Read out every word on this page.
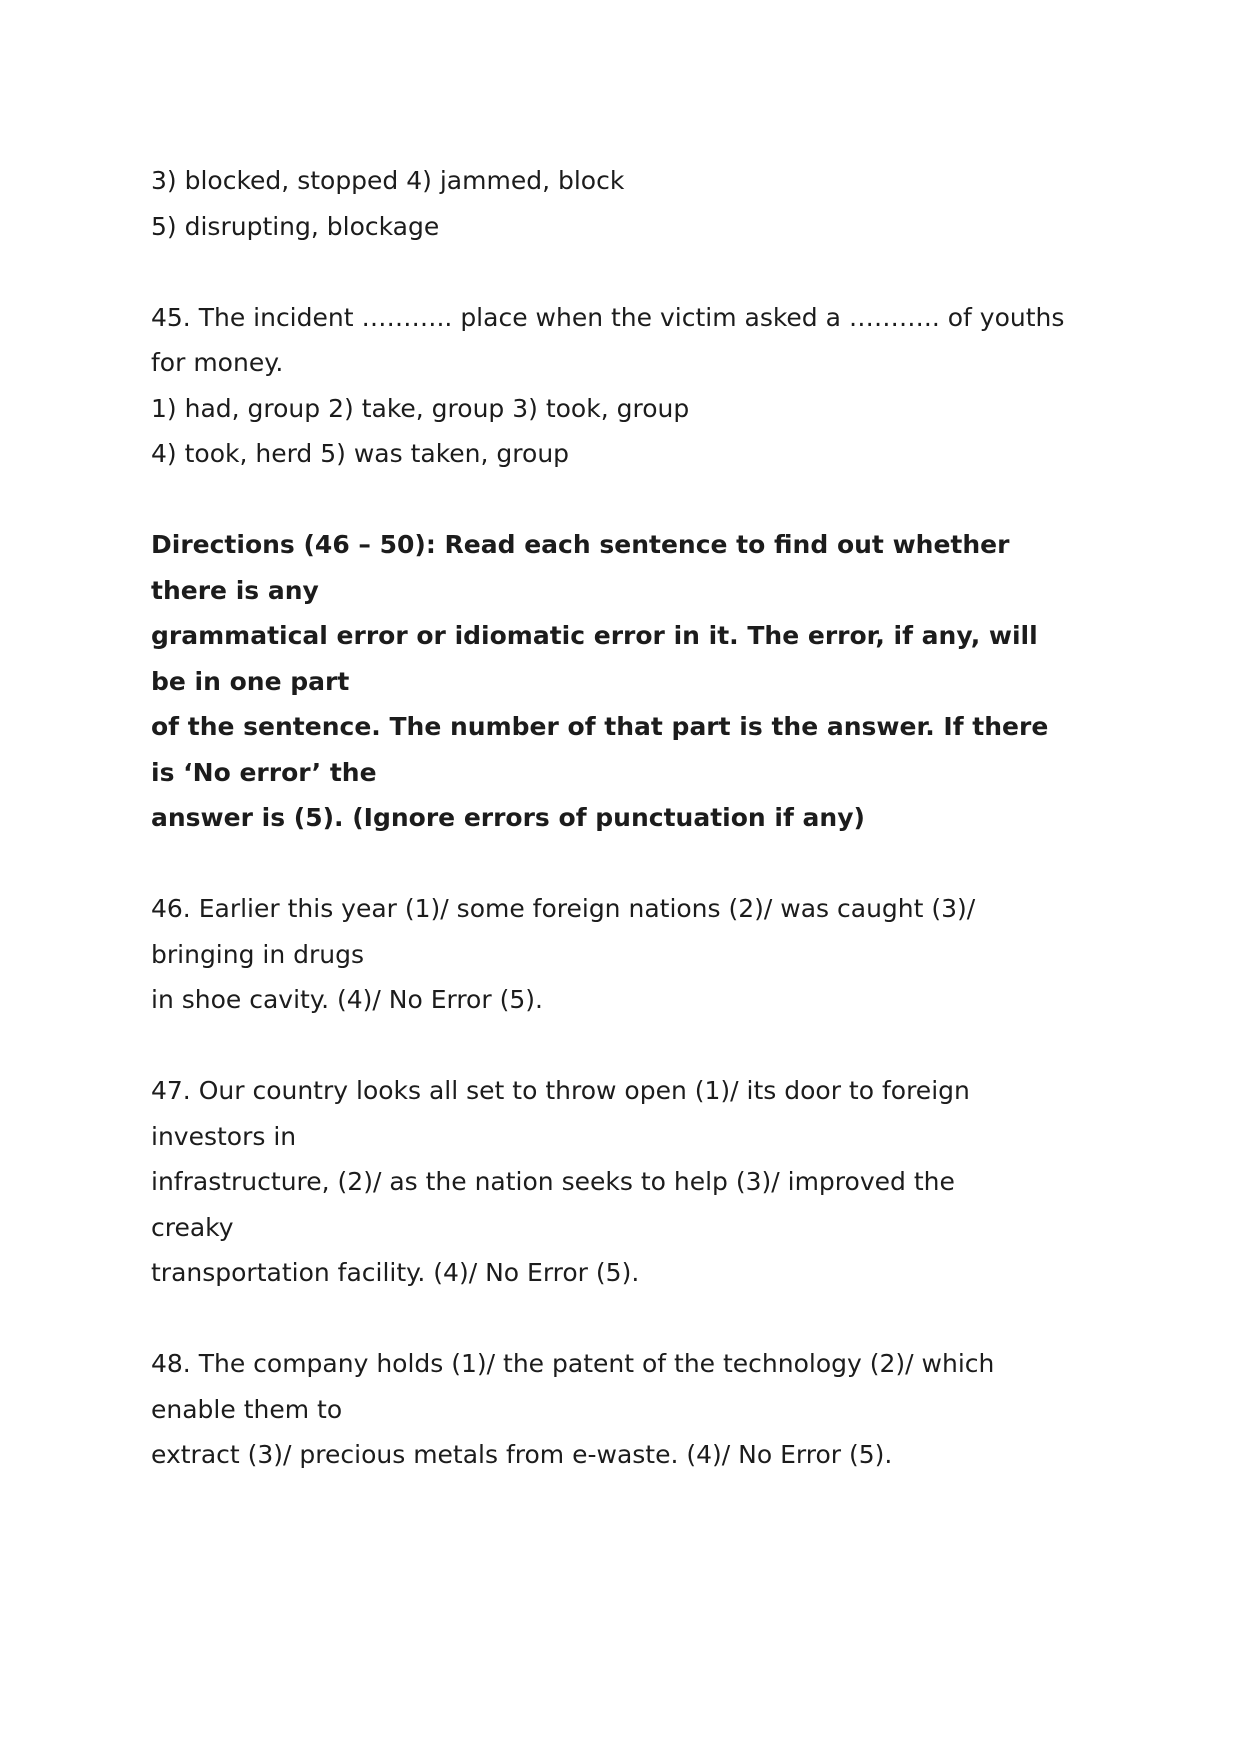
3) blocked, stopped 4) jammed, block
5) disrupting, blockage
45. The incident ……….. place when the victim asked a ……….. of youths
for money.
1) had, group 2) take, group 3) took, group
4) took, herd 5) was taken, group
Directions (46 – 50): Read each sentence to find out whether
there is any
grammatical error or idiomatic error in it. The error, if any, will
be in one part
of the sentence. The number of that part is the answer. If there
is ‘No error’ the
answer is (5). (Ignore errors of punctuation if any)
46. Earlier this year (1)/ some foreign nations (2)/ was caught (3)/
bringing in drugs
in shoe cavity. (4)/ No Error (5).
47. Our country looks all set to throw open (1)/ its door to foreign
investors in
infrastructure, (2)/ as the nation seeks to help (3)/ improved the
creaky
transportation facility. (4)/ No Error (5).
48. The company holds (1)/ the patent of the technology (2)/ which
enable them to
extract (3)/ precious metals from e-waste. (4)/ No Error (5).
